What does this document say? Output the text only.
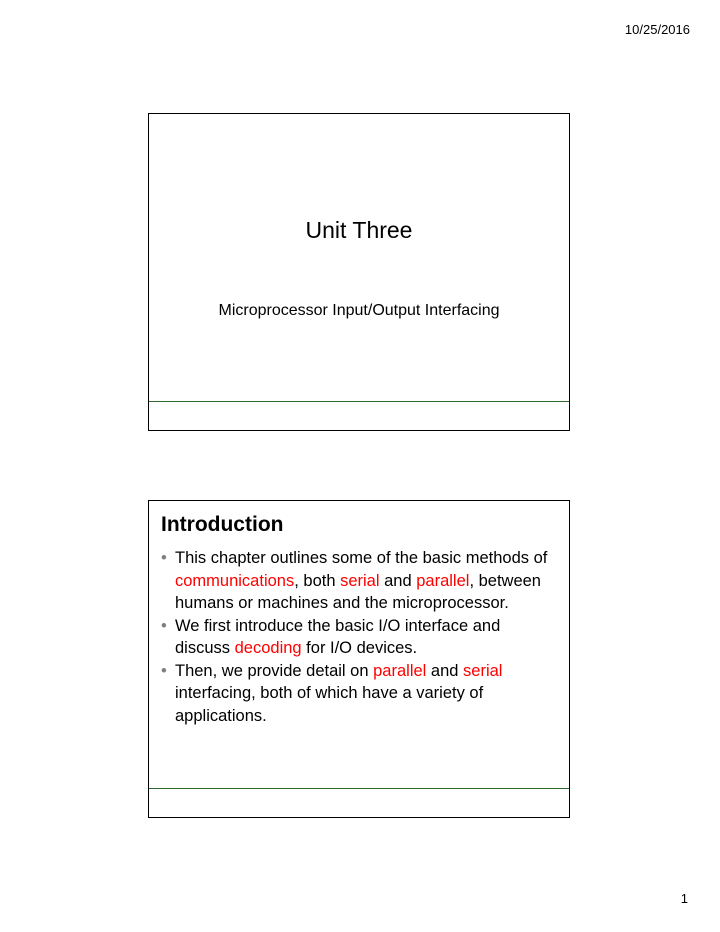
10/25/2016
Unit Three
Microprocessor Input/Output Interfacing
Introduction
• This chapter outlines some of the basic methods of communications, both serial and parallel, between humans or machines and the microprocessor.
• We first introduce the basic I/O interface and discuss decoding for I/O devices.
• Then, we provide detail on parallel and serial interfacing, both of which have a variety of applications.
1
